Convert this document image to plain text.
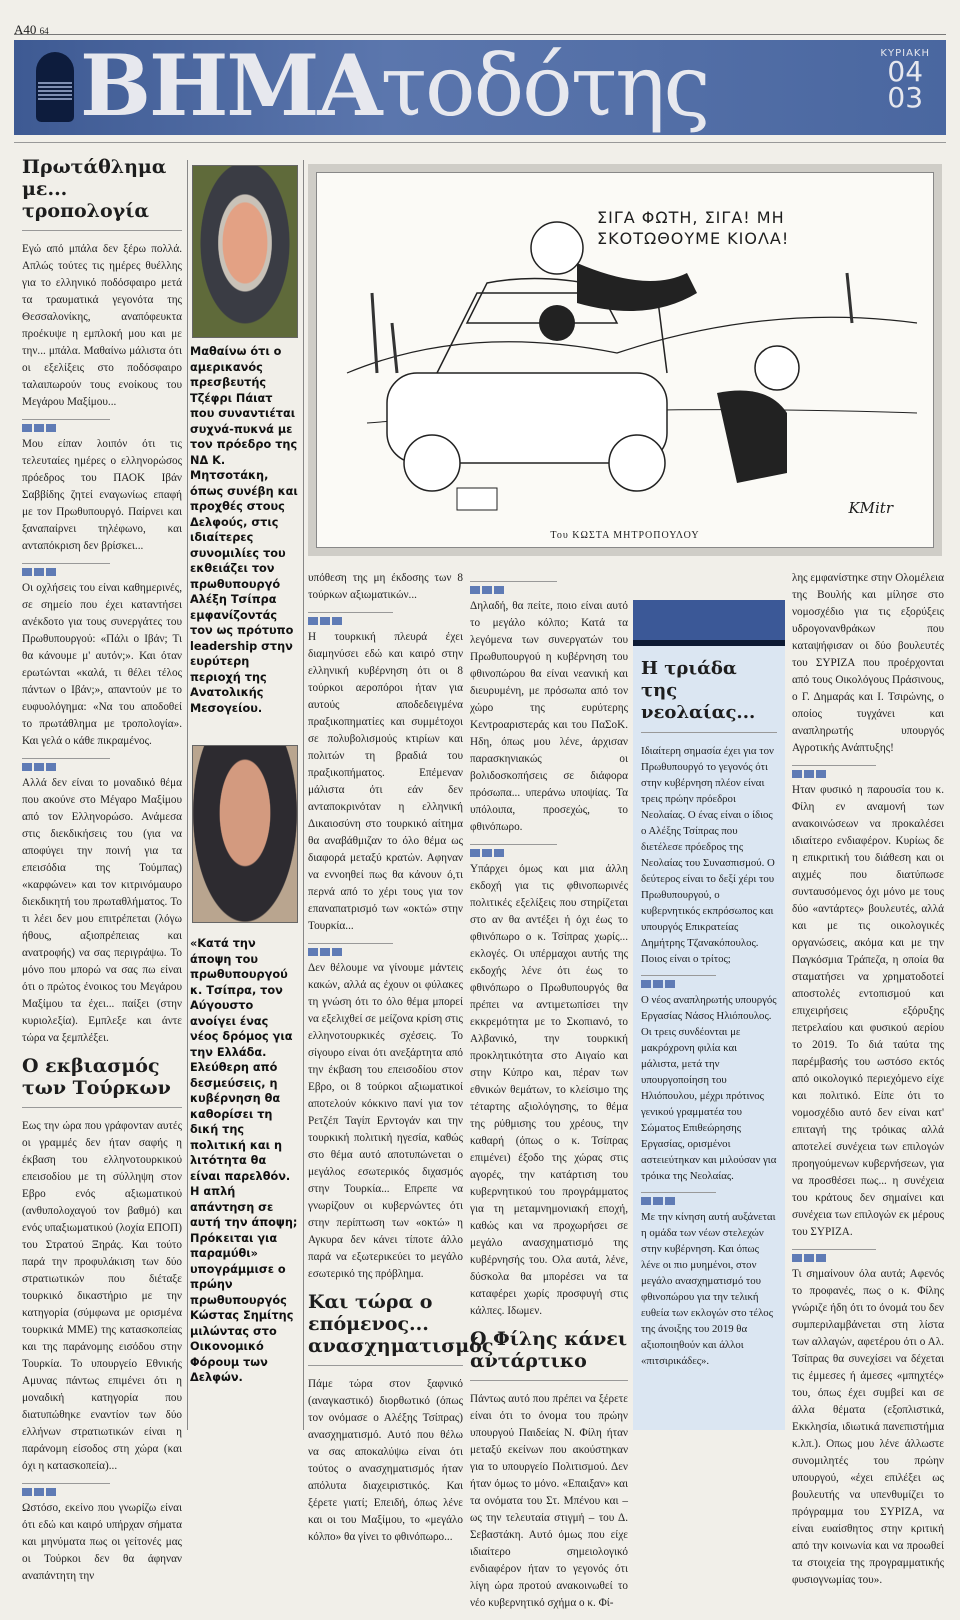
A40 64
ΒΗΜΑτοδότης	ΚΥΡΙΑΚΗ
04
03
Πρωτάθλημα με... τροπολογία

Εγώ από μπάλα δεν ξέρω πολλά. Απλώς τούτες τις ημέρες θυέλλης για το ελληνικό ποδόσφαιρο μετά τα τραυματικά γεγονότα της Θεσσαλονίκης, αναπόφευκτα προέκυψε η εμπλοκή μου και με την... μπάλα. Μαθαίνω μάλιστα ότι οι εξελίξεις στο ποδόσφαιρο ταλαιπωρούν τους ενοίκους του Μεγάρου Μαξίμου...

Μου είπαν λοιπόν ότι τις τελευταίες ημέρες ο ελληνορώσος πρόεδρος του ΠΑΟΚ Ιβάν Σαββίδης ζητεί εναγωνίως επαφή με τον Πρωθυπουργό. Παίρνει και ξαναπαίρνει τηλέφωνο, και ανταπόκριση δεν βρίσκει...

Οι οχλήσεις του είναι καθημερινές, σε σημείο που έχει καταντήσει ανέκδοτο για τους συνεργάτες του Πρωθυπουργού: «Πάλι ο Ιβάν; Τι θα κάνουμε μ' αυτόν;». Και όταν ερωτώνται «καλά, τι θέλει τέλος πάντων ο Ιβάν;», απαντούν με το ευφυολόγημα: «Να του αποδοθεί το πρωτάθλημα με τροπολογία». Και γελά ο κάθε πικραμένος.

Αλλά δεν είναι το μοναδικό θέμα που ακούνε στο Μέγαρο Μαξίμου από τον Ελληνορώσο. Ανάμεσα στις διεκδικήσεις του (για να αποφύγει την ποινή για τα επεισόδια της Τούμπας) «καρφώνει» και τον κιτρινόμαυρο διεκδικητή του πρωταθλήματος. Το τι λέει δεν μου επιτρέπεται (λόγω ήθους, αξιοπρέπειας και ανατροφής) να σας περιγράψω. Το μόνο που μπορώ να σας πω είναι ότι ο πρώτος ένοικος του Μεγάρου Μαξίμου τα έχει... παίξει (στην κυριολεξία). Εμπλεξε και άντε τώρα να ξεμπλέξει.

Ο εκβιασμός των Τούρκων

Εως την ώρα που γράφονταν αυτές οι γραμμές δεν ήταν σαφής η έκβαση του ελληνοτουρκικού επεισοδίου με τη σύλληψη στον Εβρο ενός αξιωματικού (ανθυπολοχαγού τον βαθμό) και ενός υπαξιωματικού (λοχία ΕΠΟΠ) του Στρατού Ξηράς. Και τούτο παρά την προφυλάκιση των δύο στρατιωτικών που διέταξε τουρκικό δικαστήριο με την κατηγορία (σύμφωνα με ορισμένα τουρκικά ΜΜΕ) της κατασκοπείας και της παράνομης εισόδου στην Τουρκία. Το υπουργείο Εθνικής Αμυνας πάντως επιμένει ότι η μοναδική κατηγορία που διατυπώθηκε εναντίον των δύο ελλήνων στρατιωτικών είναι η παράνομη είσοδος στη χώρα (και όχι η κατασκοπεία)...

Ωστόσο, εκείνο που γνωρίζω είναι ότι εδώ και καιρό υπήρχαν σήματα και μηνύματα πως οι γείτονές μας οι Τούρκοι δεν θα άφηναν αναπάντητη την

Μαθαίνω ότι ο αμερικανός πρεσβευτής Τζέφρι Πάιατ που συναντιέται συχνά-πυκνά με τον πρόεδρο της ΝΔ Κ. Μητσοτάκη, όπως συνέβη και προχθές στους Δελφούς, στις ιδιαίτερες συνομιλίες του εκθειάζει τον πρωθυπουργό Αλέξη Τσίπρα εμφανίζοντάς τον ως πρότυπο leadership στην ευρύτερη περιοχή της Ανατολικής Μεσογείου.
«Κατά την άποψη του πρωθυπουργού κ. Τσίπρα, τον Αύγουστο ανοίγει ένας νέος δρόμος για την Ελλάδα. Ελεύθερη από δεσμεύσεις, η κυβέρνηση θα καθορίσει τη δική της πολιτική και η λιτότητα θα είναι παρελθόν. Η απλή απάντηση σε αυτή την άποψη; Πρόκειται για παραμύθι» υπογράμμισε ο πρώην πρωθυπουργός Κώστας Σημίτης μιλώντας στο Οικονομικό Φόρουμ των Δελφών.
ΣΙΓΑ ΦΩΤΗ, ΣΙΓΑ! ΜΗ ΣΚΟΤΩΘΟΥΜΕ ΚΙΟΛΑ!
KMitr
Του ΚΩΣΤΑ ΜΗΤΡΟΠΟΥΛΟΥ

υπόθεση της μη έκδοσης των 8 τούρκων αξιωματικών...

Η τουρκική πλευρά έχει διαμηνύσει εδώ και καιρό στην ελληνική κυβέρνηση ότι οι 8 τούρκοι αεροπόροι ήταν για αυτούς αποδεδειγμένα πραξικοπηματίες και συμμέτοχοι σε πολυβολισμούς κτιρίων και πολιτών τη βραδιά του πραξικοπήματος. Επέμεναν μάλιστα ότι εάν δεν ανταποκρινόταν η ελληνική Δικαιοσύνη στο τουρκικό αίτημα θα αναβάθμιζαν το όλο θέμα ως διαφορά μεταξύ κρατών. Αφηναν να εννοηθεί πως θα κάνουν ό,τι περνά από το χέρι τους για τον επαναπατρισμό των «οκτώ» στην Τουρκία...

Δεν θέλουμε να γίνουμε μάντεις κακών, αλλά ας έχουν οι φύλακες τη γνώση ότι το όλο θέμα μπορεί να εξελιχθεί σε μείζονα κρίση στις ελληνοτουρκικές σχέσεις. Το σίγουρο είναι ότι ανεξάρτητα από την έκβαση του επεισοδίου στον Εβρο, οι 8 τούρκοι αξιωματικοί αποτελούν κόκκινο πανί για τον Ρετζέπ Ταγίπ Ερντογάν και την τουρκική πολιτική ηγεσία, καθώς στο θέμα αυτό αποτυπώνεται ο μεγάλος εσωτερικός διχασμός στην Τουρκία... Επρεπε να γνωρίζουν οι κυβερνώντες ότι στην περίπτωση των «οκτώ» η Αγκυρα δεν κάνει τίποτε άλλο παρά να εξωτερικεύει το μεγάλο εσωτερικό της πρόβλημα.

Και τώρα ο επόμενος... ανασχηματισμός

Πάμε τώρα στον ξαφνικό (αναγκαστικό) διορθωτικό (όπως τον ονόμασε ο Αλέξης Τσίπρας) ανασχηματισμό. Αυτό που θέλω να σας αποκαλύψω είναι ότι τούτος ο ανασχηματισμός ήταν απόλυτα διαχειριστικός. Και ξέρετε γιατί; Επειδή, όπως λένε και οι του Μαξίμου, το «μεγάλο κόλπο» θα γίνει το φθινόπωρο...

Δηλαδή, θα πείτε, ποιο είναι αυτό το μεγάλο κόλπο; Κατά τα λεγόμενα των συνεργατών του Πρωθυπουργού η κυβέρνηση του φθινοπώρου θα είναι νεανική και διευρυμένη, με πρόσωπα από τον χώρο της ευρύτερης Κεντροαριστεράς και του ΠαΣοΚ. Ηδη, όπως μου λένε, άρχισαν παρασκηνιακώς οι βολιδοσκοπήσεις σε διάφορα πρόσωπα... υπεράνω υποψίας. Τα υπόλοιπα, προσεχώς, το φθινόπωρο.

Υπάρχει όμως και μια άλλη εκδοχή για τις φθινοπωρινές πολιτικές εξελίξεις που στηρίζεται στο αν θα αντέξει ή όχι έως το φθινόπωρο ο κ. Τσίπρας χωρίς... εκλογές. Οι υπέρμαχοι αυτής της εκδοχής λένε ότι έως το φθινόπωρο ο Πρωθυπουργός θα πρέπει να αντιμετωπίσει την εκκρεμότητα με το Σκοπιανό, το Αλβανικό, την τουρκική προκλητικότητα στο Αιγαίο και στην Κύπρο και, πέραν των εθνικών θεμάτων, το κλείσιμο της τέταρτης αξιολόγησης, το θέμα της ρύθμισης του χρέους, την καθαρή (όπως ο κ. Τσίπρας επιμένει) έξοδο της χώρας στις αγορές, την κατάρτιση του κυβερνητικού του προγράμματος για τη μεταμνημονιακή εποχή, καθώς και να προχωρήσει σε μεγάλο ανασχηματισμό της κυβέρνησής του. Ολα αυτά, λένε, δύσκολα θα μπορέσει να τα καταφέρει χωρίς προσφυγή στις κάλπες. Ιδωμεν.

Ο Φίλης κάνει αντάρτικο

Πάντως αυτό που πρέπει να ξέρετε είναι ότι το όνομα του πρώην υπουργού Παιδείας Ν. Φίλη ήταν μεταξύ εκείνων που ακούστηκαν για το υπουργείο Πολιτισμού. Δεν ήταν όμως το μόνο. «Επαιξαν» και τα ονόματα του Στ. Μπένου και – ως την τελευταία στιγμή – του Δ. Σεβαστάκη. Αυτό όμως που είχε ιδιαίτερο σημειολογικό ενδιαφέρον ήταν το γεγονός ότι λίγη ώρα προτού ανακοινωθεί το νέο κυβερνητικό σχήμα ο κ. Φί-

Η τριάδα της νεολαίας...

Ιδιαίτερη σημασία έχει για τον Πρωθυπουργό το γεγονός ότι στην κυβέρνηση πλέον είναι τρεις πρώην πρόεδροι Νεολαίας. Ο ένας είναι ο ίδιος ο Αλέξης Τσίπρας που διετέλεσε πρόεδρος της Νεολαίας του Συνασπισμού. Ο δεύτερος είναι το δεξί χέρι του Πρωθυπουργού, ο κυβερνητικός εκπρόσωπος και υπουργός Επικρατείας Δημήτρης Τζανακόπουλος. Ποιος είναι ο τρίτος;

Ο νέος αναπληρωτής υπουργός Εργασίας Νάσος Ηλιόπουλος. Οι τρεις συνδέονται με μακρόχρονη φιλία και μάλιστα, μετά την υπουργοποίηση του Ηλιόπουλου, μέχρι πρότινος γενικού γραμματέα του Σώματος Επιθεώρησης Εργασίας, ορισμένοι αστειεύτηκαν και μιλούσαν για τρόικα της Νεολαίας.

Με την κίνηση αυτή αυξάνεται η ομάδα των νέων στελεχών στην κυβέρνηση. Και όπως λένε οι πιο μυημένοι, στον μεγάλο ανασχηματισμό του φθινοπώρου για την τελική ευθεία των εκλογών στο τέλος της άνοιξης του 2019 θα αξιοποιηθούν και άλλοι «πιτσιρικάδες».

λης εμφανίστηκε στην Ολομέλεια της Βουλής και μίλησε στο νομοσχέδιο για τις εξορύξεις υδρογονανθράκων που καταψήφισαν οι δύο βουλευτές του ΣΥΡΙΖΑ που προέρχονται από τους Οικολόγους Πράσινους, ο Γ. Δημαράς και Ι. Τσιρώνης, ο οποίος τυγχάνει και αναπληρωτής υπουργός Αγροτικής Ανάπτυξης!

Ηταν φυσικό η παρουσία του κ. Φίλη εν αναμονή των ανακοινώσεων να προκαλέσει ιδιαίτερο ενδιαφέρον. Κυρίως δε η επικριτική του διάθεση και οι αιχμές που διατύπωσε συνταυσόμενος όχι μόνο με τους δύο «αντάρτες» βουλευτές, αλλά και με τις οικολογικές οργανώσεις, ακόμα και με την Παγκόσμια Τράπεζα, η οποία θα σταματήσει να χρηματοδοτεί αποστολές εντοπισμού και επιχειρήσεις εξόρυξης πετρελαίου και φυσικού αερίου το 2019. Το διά ταύτα της παρέμβασής του ωστόσο εκτός από οικολογικό περιεχόμενο είχε και πολιτικό. Είπε ότι το νομοσχέδιο αυτό δεν είναι κατ' επιταγή της τρόικας αλλά αποτελεί συνέχεια των επιλογών προηγούμενων κυβερνήσεων, για να προσθέσει πως... η συνέχεια του κράτους δεν σημαίνει και συνέχεια των επιλογών εκ μέρους του ΣΥΡΙΖΑ.

Τι σημαίνουν όλα αυτά; Αφενός το προφανές, πως ο κ. Φίλης γνώριζε ήδη ότι το όνομά του δεν συμπεριλαμβάνεται στη λίστα των αλλαγών, αφετέρου ότι ο Αλ. Τσίπρας θα συνεχίσει να δέχεται τις έμμεσες ή άμεσες «μπηχτές» του, όπως έχει συμβεί και σε άλλα θέματα (εξοπλιστικά, Εκκλησία, ιδιωτικά πανεπιστήμια κ.λπ.). Οπως μου λένε άλλωστε συνομιλητές του πρώην υπουργού, «έχει επιλέξει ως βουλευτής να υπενθυμίζει το πρόγραμμα του ΣΥΡΙΖΑ, να είναι ευαίσθητος στην κριτική από την κοινωνία και να προωθεί τα στοιχεία της προγραμματικής φυσιογνωμίας του».
